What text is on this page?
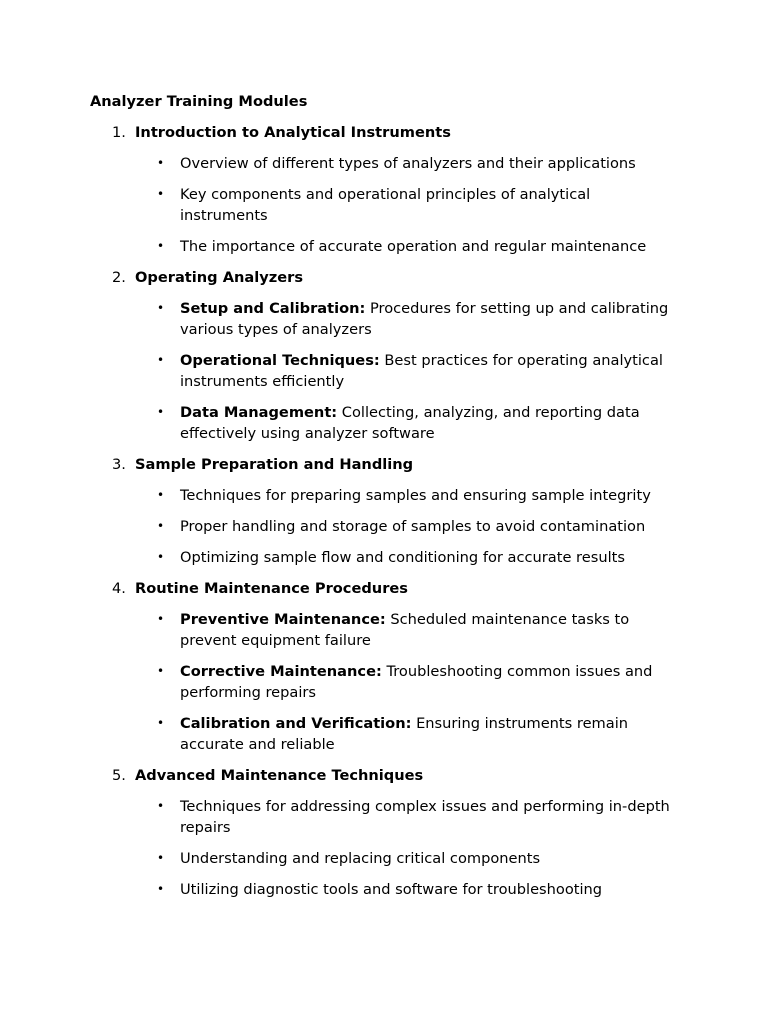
Analyzer Training Modules
1. Introduction to Analytical Instruments
• Overview of different types of analyzers and their applications
• Key components and operational principles of analytical instruments
• The importance of accurate operation and regular maintenance
2. Operating Analyzers
• Setup and Calibration: Procedures for setting up and calibrating various types of analyzers
• Operational Techniques: Best practices for operating analytical instruments efficiently
• Data Management: Collecting, analyzing, and reporting data effectively using analyzer software
3. Sample Preparation and Handling
• Techniques for preparing samples and ensuring sample integrity
• Proper handling and storage of samples to avoid contamination
• Optimizing sample flow and conditioning for accurate results
4. Routine Maintenance Procedures
• Preventive Maintenance: Scheduled maintenance tasks to prevent equipment failure
• Corrective Maintenance: Troubleshooting common issues and performing repairs
• Calibration and Verification: Ensuring instruments remain accurate and reliable
5. Advanced Maintenance Techniques
• Techniques for addressing complex issues and performing in-depth repairs
• Understanding and replacing critical components
• Utilizing diagnostic tools and software for troubleshooting
